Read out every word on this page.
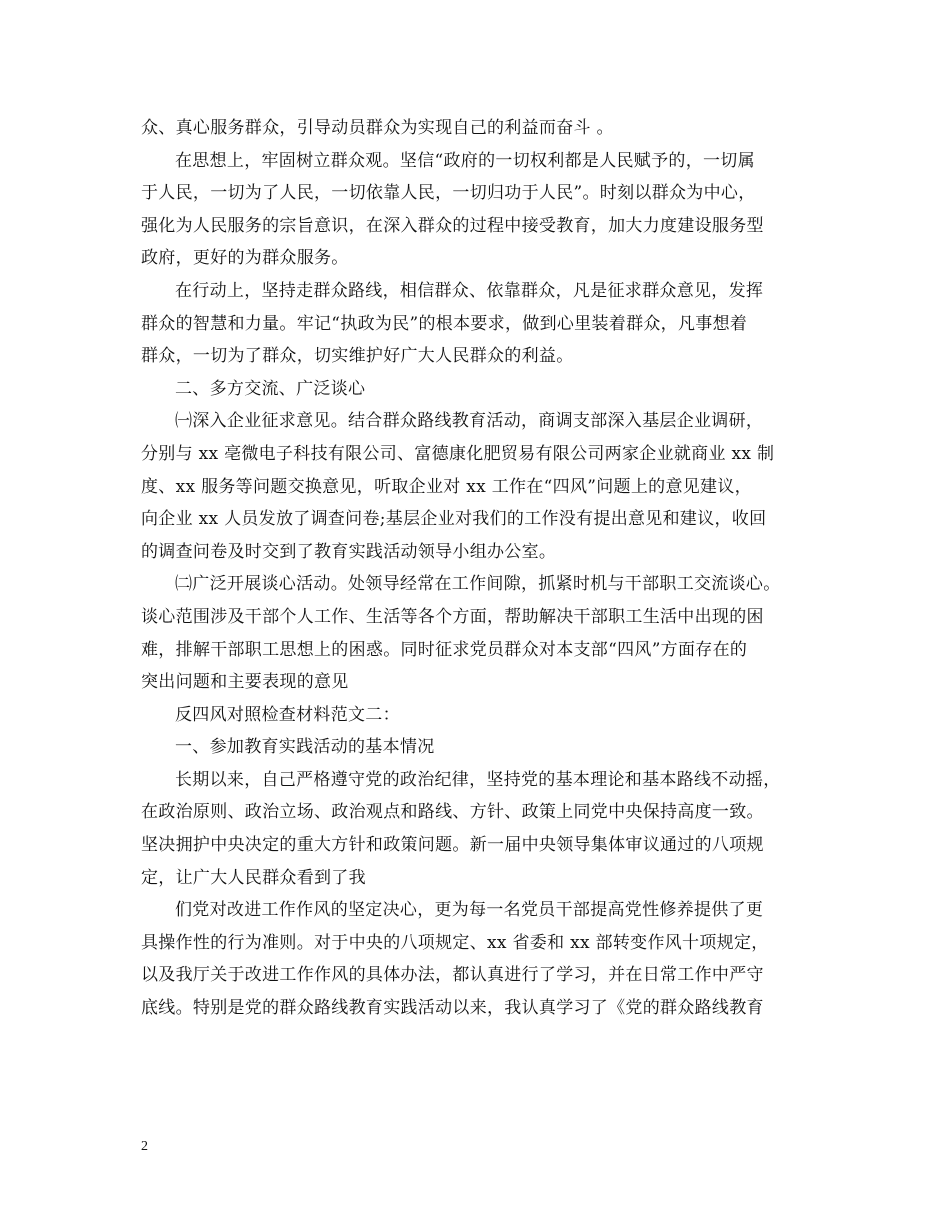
众、真心服务群众，引导动员群众为实现自己的利益而奋斗 。
在思想上，牢固树立群众观。坚信“政府的一切权利都是人民赋予的，一切属
于人民，一切为了人民，一切依靠人民，一切归功于人民”。时刻以群众为中心，
强化为人民服务的宗旨意识，在深入群众的过程中接受教育，加大力度建设服务型
政府，更好的为群众服务。
在行动上，坚持走群众路线，相信群众、依靠群众，凡是征求群众意见，发挥
群众的智慧和力量。牢记“执政为民”的根本要求，做到心里装着群众，凡事想着
群众，一切为了群众，切实维护好广大人民群众的利益。
二、多方交流、广泛谈心
㈠深入企业征求意见。结合群众路线教育活动，商调支部深入基层企业调研，
分别与 xx 亳微电子科技有限公司、富德康化肥贸易有限公司两家企业就商业 xx 制
度、xx 服务等问题交换意见，听取企业对 xx 工作在“四风”问题上的意见建议，
向企业 xx 人员发放了调查问卷;基层企业对我们的工作没有提出意见和建议，收回
的调查问卷及时交到了教育实践活动领导小组办公室。
㈡广泛开展谈心活动。处领导经常在工作间隙，抓紧时机与干部职工交流谈心。
谈心范围涉及干部个人工作、生活等各个方面，帮助解决干部职工生活中出现的困
难，排解干部职工思想上的困惑。同时征求党员群众对本支部“四风”方面存在的
突出问题和主要表现的意见
反四风对照检查材料范文二：
一、参加教育实践活动的基本情况
长期以来，自己严格遵守党的政治纪律，坚持党的基本理论和基本路线不动摇，
在政治原则、政治立场、政治观点和路线、方针、政策上同党中央保持高度一致。
坚决拥护中央决定的重大方针和政策问题。新一届中央领导集体审议通过的八项规
定，让广大人民群众看到了我
们党对改进工作作风的坚定决心，更为每一名党员干部提高党性修养提供了更
具操作性的行为准则。对于中央的八项规定、xx 省委和 xx 部转变作风十项规定，
以及我厅关于改进工作作风的具体办法，都认真进行了学习，并在日常工作中严守
底线。特别是党的群众路线教育实践活动以来，我认真学习了《党的群众路线教育
2
